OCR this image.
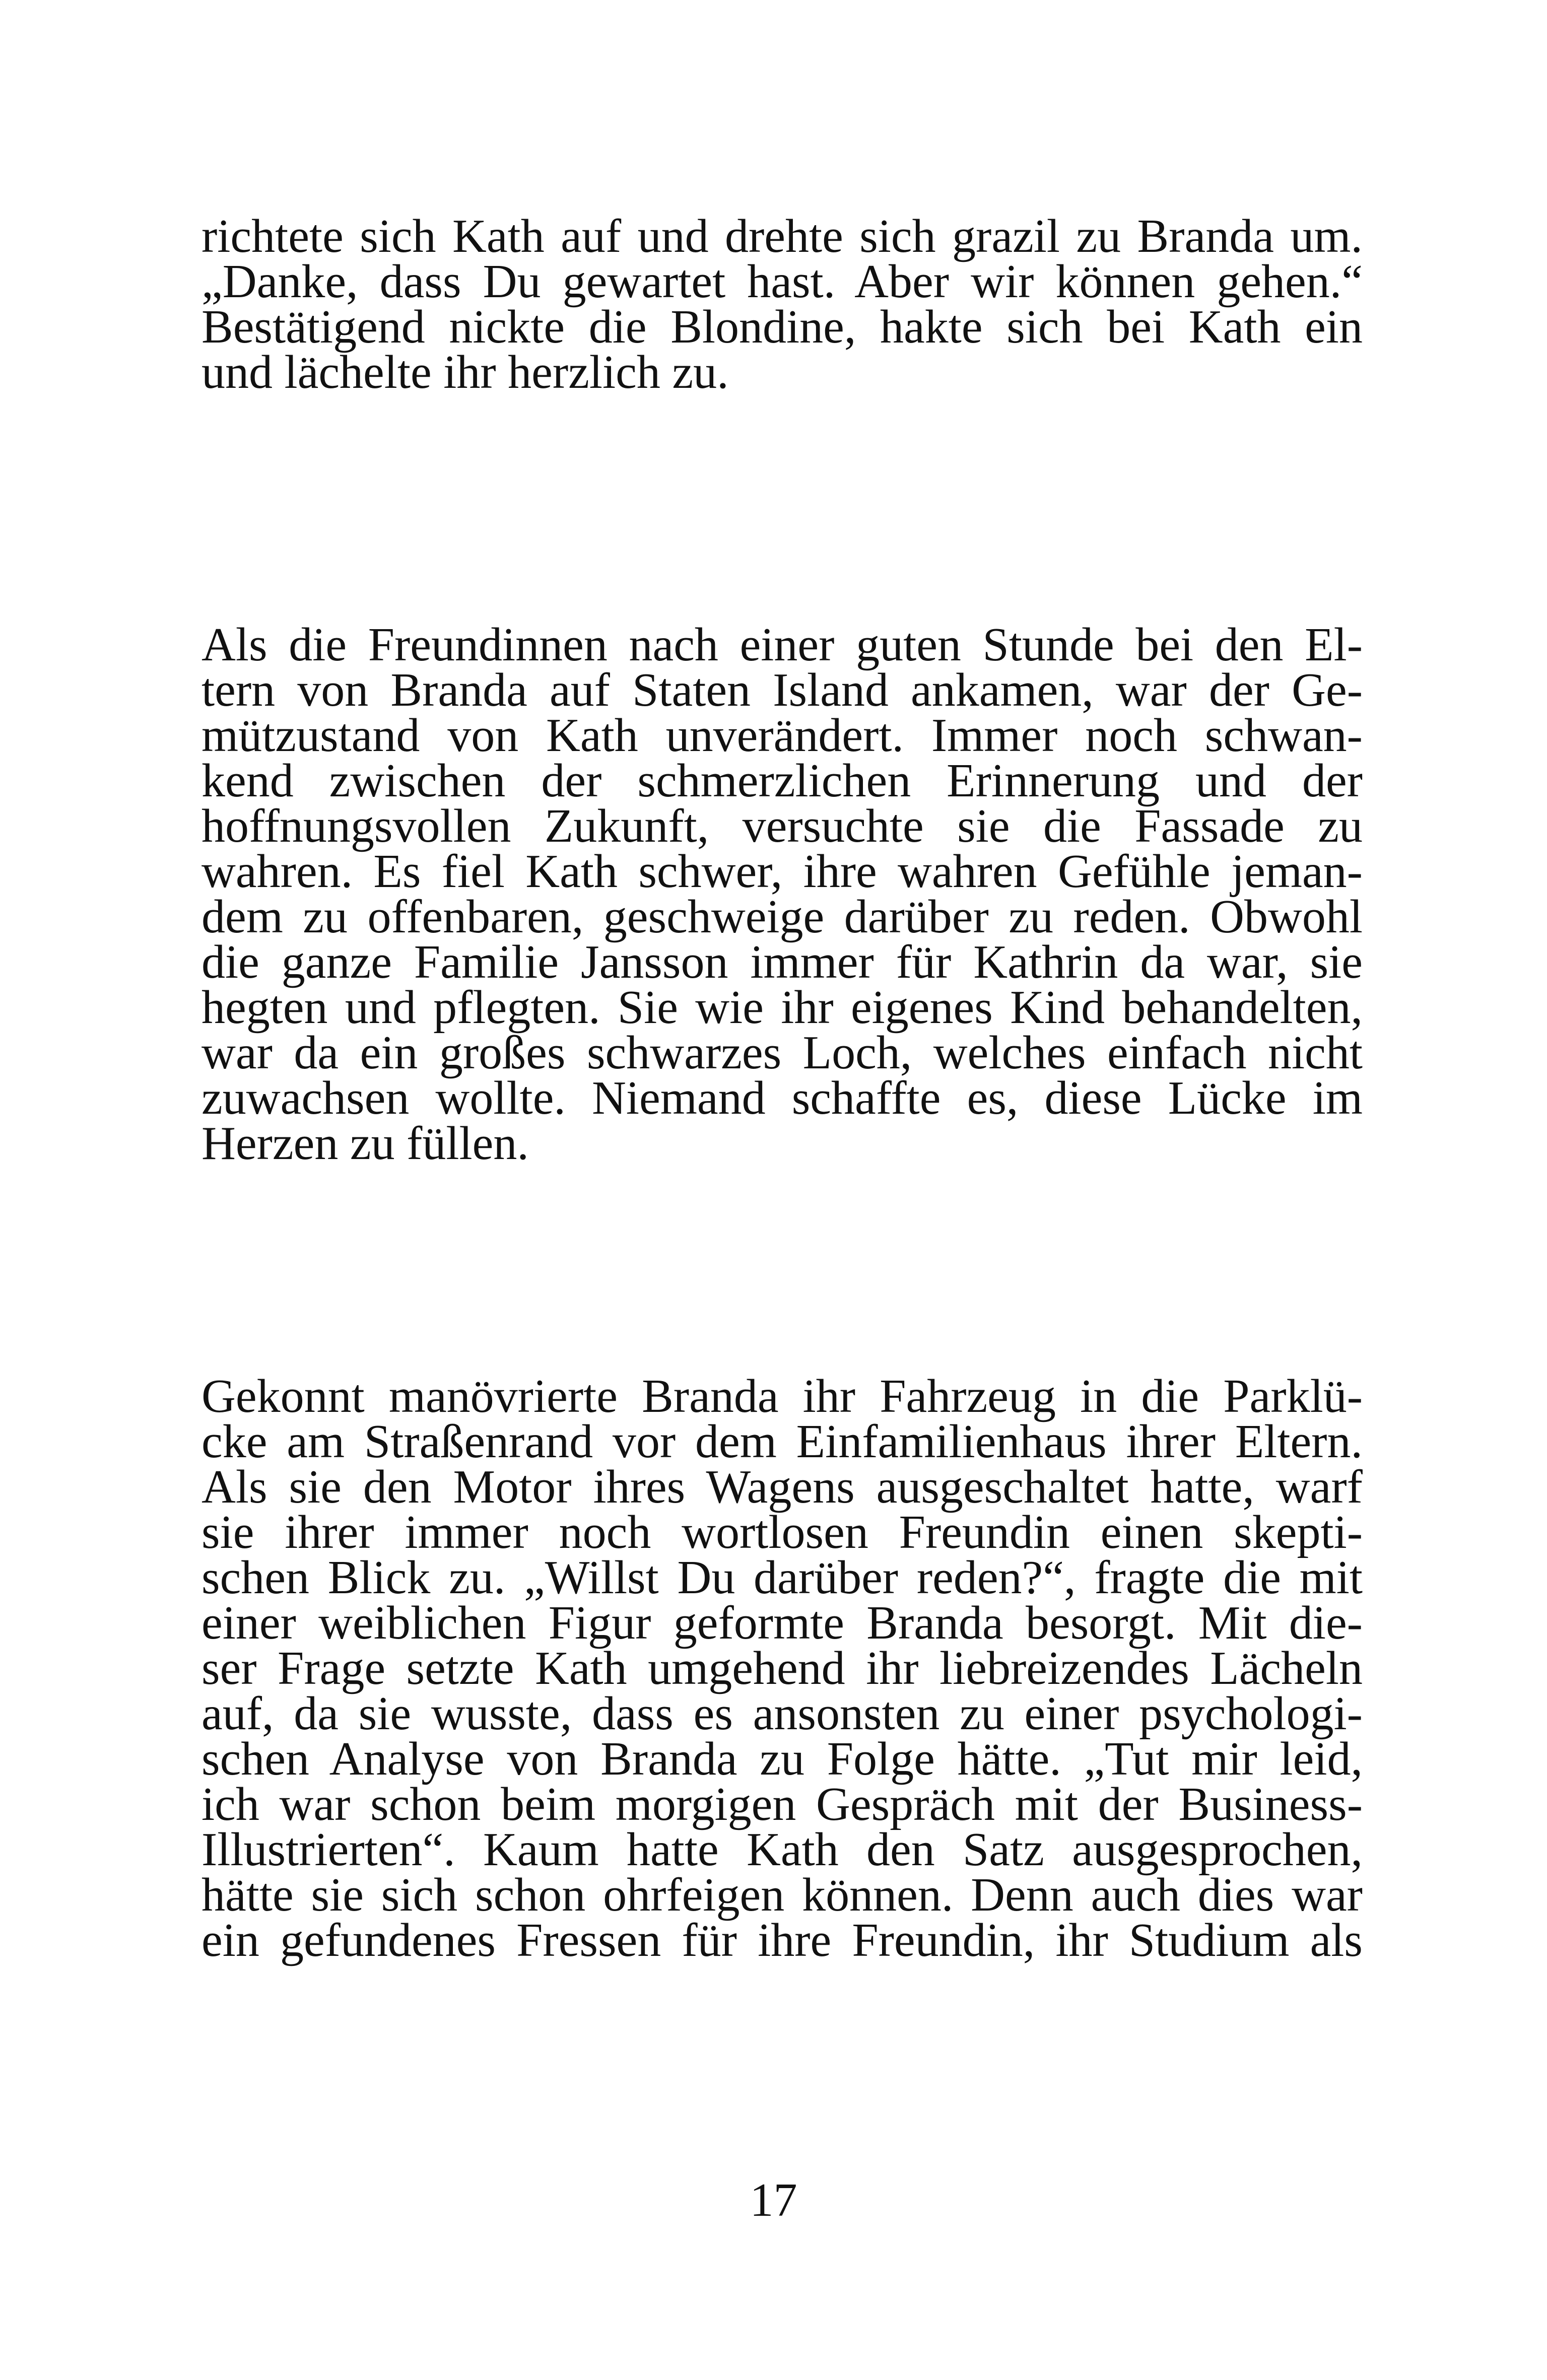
richtete sich Kath auf und drehte sich grazil zu Branda um.
„Danke, dass Du gewartet hast. Aber wir können gehen.“
Bestätigend nickte die Blondine, hakte sich bei Kath ein
und lächelte ihr herzlich zu.
Als die Freundinnen nach einer guten Stunde bei den El-
tern von Branda auf Staten Island ankamen, war der Ge-
mützustand von Kath unverändert. Immer noch schwan-
kend zwischen der schmerzlichen Erinnerung und der
hoffnungsvollen Zukunft, versuchte sie die Fassade zu
wahren. Es fiel Kath schwer, ihre wahren Gefühle jeman-
dem zu offenbaren, geschweige darüber zu reden. Obwohl
die ganze Familie Jansson immer für Kathrin da war, sie
hegten und pflegten. Sie wie ihr eigenes Kind behandelten,
war da ein großes schwarzes Loch, welches einfach nicht
zuwachsen wollte. Niemand schaffte es, diese Lücke im
Herzen zu füllen.
Gekonnt manövrierte Branda ihr Fahrzeug in die Parklü-
cke am Straßenrand vor dem Einfamilienhaus ihrer Eltern.
Als sie den Motor ihres Wagens ausgeschaltet hatte, warf
sie ihrer immer noch wortlosen Freundin einen skepti-
schen Blick zu. „Willst Du darüber reden?“, fragte die mit
einer weiblichen Figur geformte Branda besorgt. Mit die-
ser Frage setzte Kath umgehend ihr liebreizendes Lächeln
auf, da sie wusste, dass es ansonsten zu einer psychologi-
schen Analyse von Branda zu Folge hätte. „Tut mir leid,
ich war schon beim morgigen Gespräch mit der Business-
Illustrierten“. Kaum hatte Kath den Satz ausgesprochen,
hätte sie sich schon ohrfeigen können. Denn auch dies war
ein gefundenes Fressen für ihre Freundin, ihr Studium als
17
